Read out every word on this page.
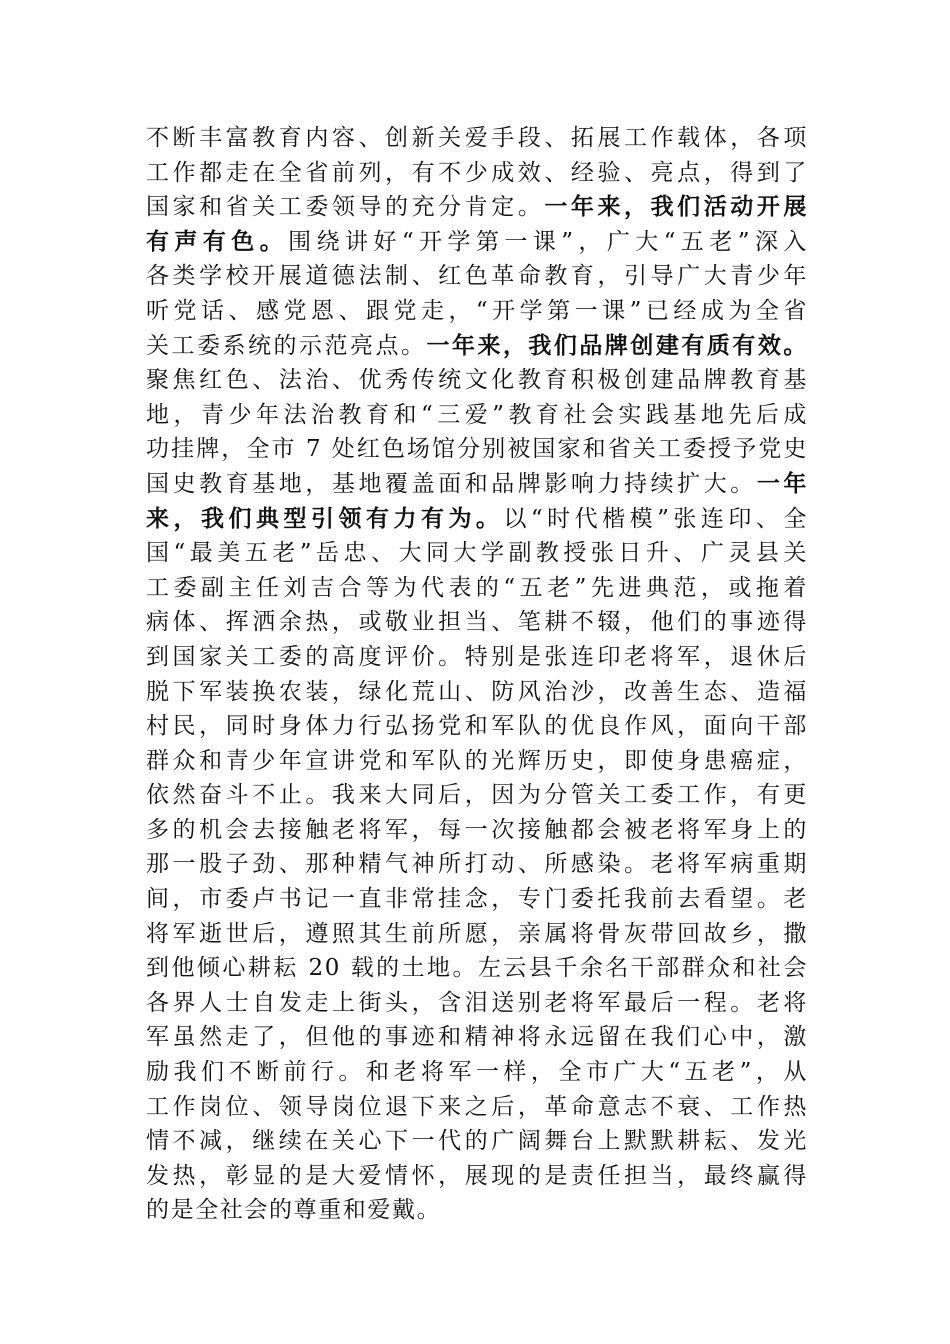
不断丰富教育内容、创新关爱手段、拓展工作载体，各项
工作都走在全省前列，有不少成效、经验、亮点，得到了
国家和省关工委领导的充分肯定。一年来，我们活动开展
有声有色。围绕讲好“开学第一课”，广大“五老”深入
各类学校开展道德法制、红色革命教育，引导广大青少年
听党话、感党恩、跟党走，“开学第一课”已经成为全省
关工委系统的示范亮点。一年来，我们品牌创建有质有效。
聚焦红色、法治、优秀传统文化教育积极创建品牌教育基
地，青少年法治教育和“三爱”教育社会实践基地先后成
功挂牌，全市 7 处红色场馆分别被国家和省关工委授予党史
国史教育基地，基地覆盖面和品牌影响力持续扩大。一年
来，我们典型引领有力有为。以“时代楷模”张连印、全
国“最美五老”岳忠、大同大学副教授张日升、广灵县关
工委副主任刘吉合等为代表的“五老”先进典范，或拖着
病体、挥洒余热，或敬业担当、笔耕不辍，他们的事迹得
到国家关工委的高度评价。特别是张连印老将军，退休后
脱下军装换农装，绿化荒山、防风治沙，改善生态、造福
村民，同时身体力行弘扬党和军队的优良作风，面向干部
群众和青少年宣讲党和军队的光辉历史，即使身患癌症，
依然奋斗不止。我来大同后，因为分管关工委工作，有更
多的机会去接触老将军，每一次接触都会被老将军身上的
那一股子劲、那种精气神所打动、所感染。老将军病重期
间，市委卢书记一直非常挂念，专门委托我前去看望。老
将军逝世后，遵照其生前所愿，亲属将骨灰带回故乡，撒
到他倾心耕耘 20 载的土地。左云县千余名干部群众和社会
各界人士自发走上街头，含泪送别老将军最后一程。老将
军虽然走了，但他的事迹和精神将永远留在我们心中，激
励我们不断前行。和老将军一样，全市广大“五老”，从
工作岗位、领导岗位退下来之后，革命意志不衰、工作热
情不减，继续在关心下一代的广阔舞台上默默耕耘、发光
发热，彰显的是大爱情怀，展现的是责任担当，最终赢得
的是全社会的尊重和爱戴。
